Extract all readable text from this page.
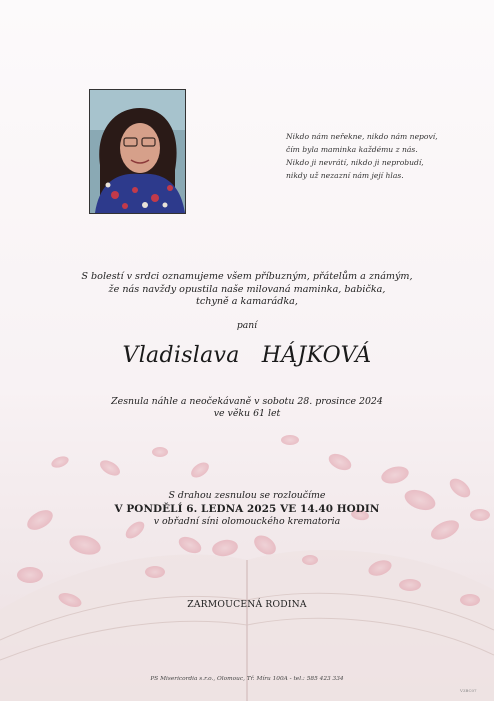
Nikdo nám neřekne, nikdo nám nepoví,
čím byla maminka každému z nás.
Nikdo ji nevrátí, nikdo ji neprobudí,
nikdy už nezazní nám její hlas.
S bolestí v srdci oznamujeme všem příbuzným, přátelům a známým,
že nás navždy opustila naše milovaná maminka, babička,
tchyně a kamarádka,
paní
Vladislava HÁJKOVÁ
Zesnula náhle a neočekávaně v sobotu 28. prosince 2024
ve věku 61 let
S drahou zesnulou se rozloučíme
V PONDĚLÍ 6. LEDNA 2025 VE 14.40 HODIN
v obřadní síni olomouckého krematoria
ZARMOUCENÁ RODINA
PS Misericordia s.r.o., Olomouc, Tř. Míru 100A - tel.: 585 423 334
V3BC07
